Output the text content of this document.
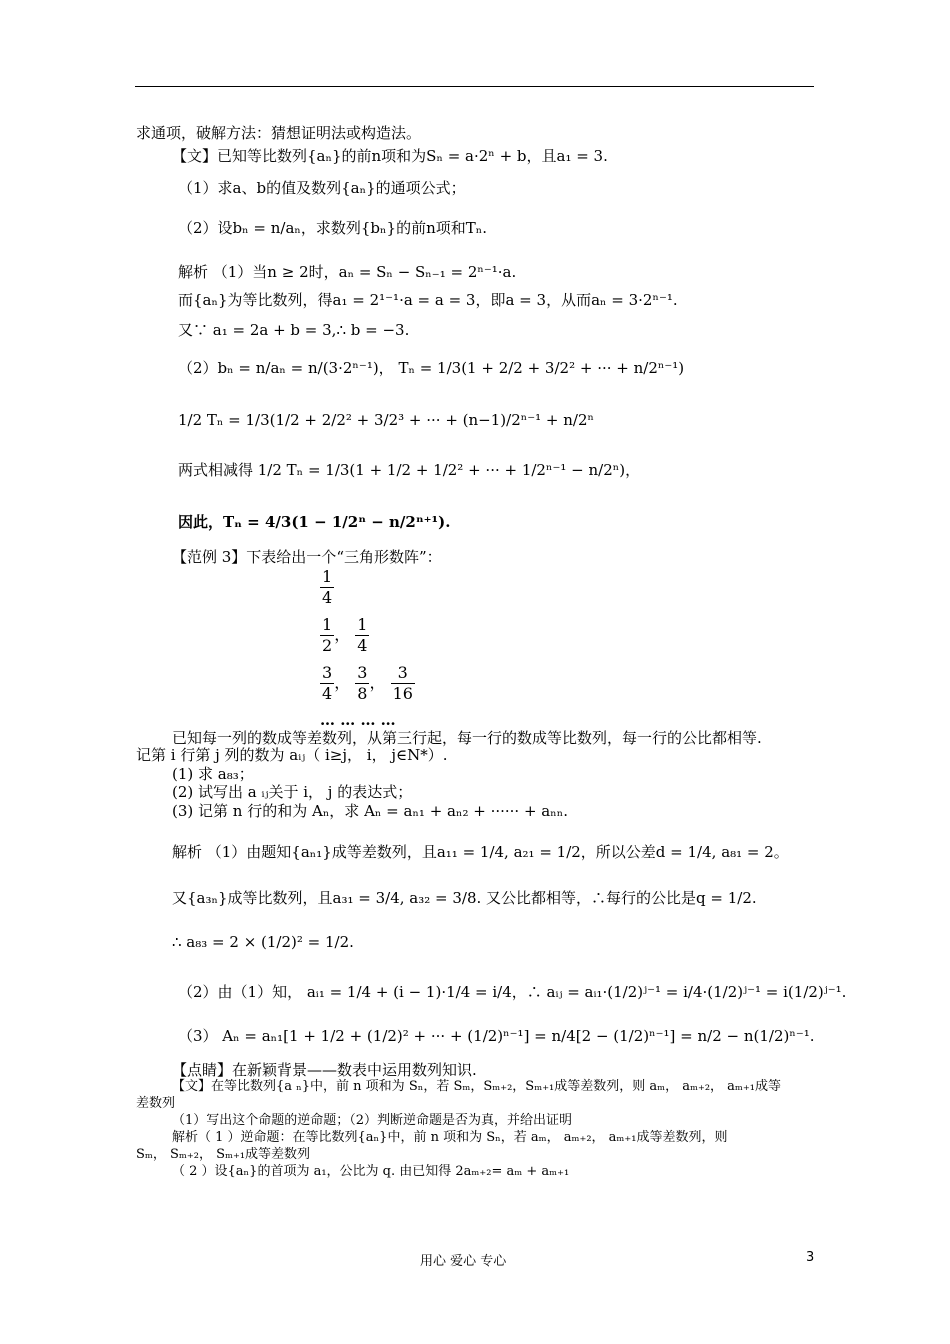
求通项，破解方法：猜想证明法或构造法。
【文】已知等比数列{aₙ}的前n项和为Sₙ = a·2ⁿ + b，且a₁ = 3.
（1）求a、b的值及数列{aₙ}的通项公式；
（2）设bₙ = n/aₙ，求数列{bₙ}的前n项和Tₙ.
解析 （1）当n ≥ 2时，aₙ = Sₙ − Sₙ₋₁ = 2ⁿ⁻¹·a.
而{aₙ}为等比数列，得a₁ = 2¹⁻¹·a = a = 3，即a = 3，从而aₙ = 3·2ⁿ⁻¹.
又∵ a₁ = 2a + b = 3,∴ b = −3.
（2）bₙ = n/aₙ = n/(3·2ⁿ⁻¹)， Tₙ = 1/3(1 + 2/2 + 3/2² + ··· + n/2ⁿ⁻¹)
1/2 Tₙ = 1/3(1/2 + 2/2² + 3/2³ + ··· + (n−1)/2ⁿ⁻¹ + n/2ⁿ
两式相减得 1/2 Tₙ = 1/3(1 + 1/2 + 1/2² + ··· + 1/2ⁿ⁻¹ − n/2ⁿ)，
因此，Tₙ = 4/3(1 − 1/2ⁿ − n/2ⁿ⁺¹).
【范例 3】下表给出一个“三角形数阵”：
$\frac{1}{4}$
$\frac{1}{2}$ ， $\frac{1}{4}$
$\frac{3}{4}$ ， $\frac{3}{8}$ ， $\frac{3}{16}$
… … … …
已知每一列的数成等差数列，从第三行起，每一行的数成等比数列，每一行的公比都相等.
记第 i 行第 j 列的数为 aᵢⱼ（ i≥j， i， j∈N*）.
(1) 求 a₈₃；
(2) 试写出 a ᵢⱼ关于 i， j 的表达式；
(3) 记第 n 行的和为 Aₙ，求 Aₙ = aₙ₁ + aₙ₂ + ······ + aₙₙ.
解析 （1）由题知{aₙ₁}成等差数列，且a₁₁ = 1/4, a₂₁ = 1/2，所以公差d = 1/4, a₈₁ = 2。
又{a₃ₙ}成等比数列，且a₃₁ = 3/4, a₃₂ = 3/8. 又公比都相等，∴每行的公比是q = 1/2.
∴ a₈₃ = 2 × (1/2)² = 1/2.
（2）由（1）知， aᵢ₁ = 1/4 + (i − 1)·1/4 = i/4，∴ aᵢⱼ = aᵢ₁·(1/2)ʲ⁻¹ = i/4·(1/2)ʲ⁻¹ = i(1/2)ʲ⁻¹.
（3） Aₙ = aₙ₁[1 + 1/2 + (1/2)² + ··· + (1/2)ⁿ⁻¹] = n/4[2 − (1/2)ⁿ⁻¹] = n/2 − n(1/2)ⁿ⁻¹.
【点睛】在新颖背景——数表中运用数列知识.
【文】在等比数列{a ₙ}中，前 n 项和为 Sₙ，若 Sₘ，Sₘ₊₂，Sₘ₊₁成等差数列，则 aₘ， aₘ₊₂， aₘ₊₁成等
差数列
（1）写出这个命题的逆命题；（2）判断逆命题是否为真，并给出证明
解析（ 1 ）逆命题：在等比数列{aₙ}中，前 n 项和为 Sₙ，若 aₘ， aₘ₊₂， aₘ₊₁成等差数列，则
Sₘ， Sₘ₊₂， Sₘ₊₁成等差数列
（ 2 ）设{aₙ}的首项为 a₁，公比为 q. 由已知得 2aₘ₊₂= aₘ + aₘ₊₁
用心 爱心 专心	3
